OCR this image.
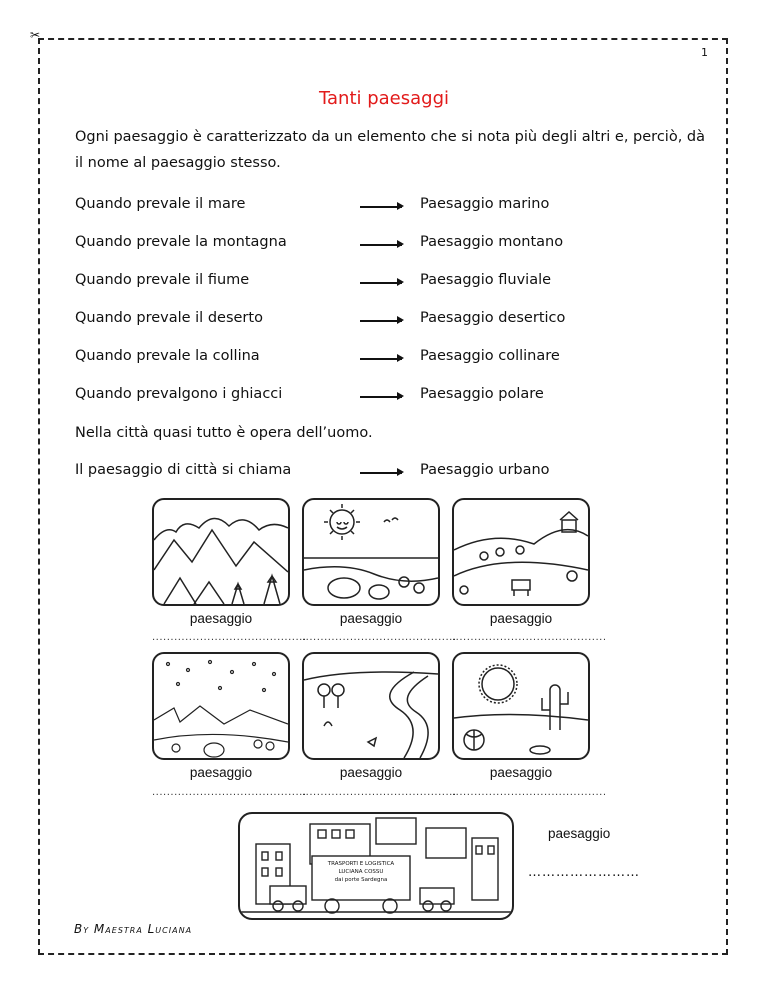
✂
1
Tanti paesaggi
Ogni paesaggio è caratterizzato da un elemento che si nota più degli altri e, perciò, dà il nome al paesaggio stesso.
Quando prevale il mare	Paesaggio marino
Quando prevale la montagna	Paesaggio montano
Quando prevale il fiume	Paesaggio fluviale
Quando prevale il deserto	Paesaggio desertico
Quando prevale la collina	Paesaggio collinare
Quando prevalgono i ghiacci	Paesaggio polare
Nella città quasi tutto è opera dell’uomo.
Il paesaggio di città si chiama	Paesaggio urbano
paesaggio	paesaggio	paesaggio
..........................................
..........................................
..........................................
paesaggio	paesaggio	paesaggio
..........................................
..........................................
..........................................
TRASPORTI E LOGISTICA
LUCIANA COSSU
dai porte Sardegna
paesaggio
……………………
By Maestra Luciana
